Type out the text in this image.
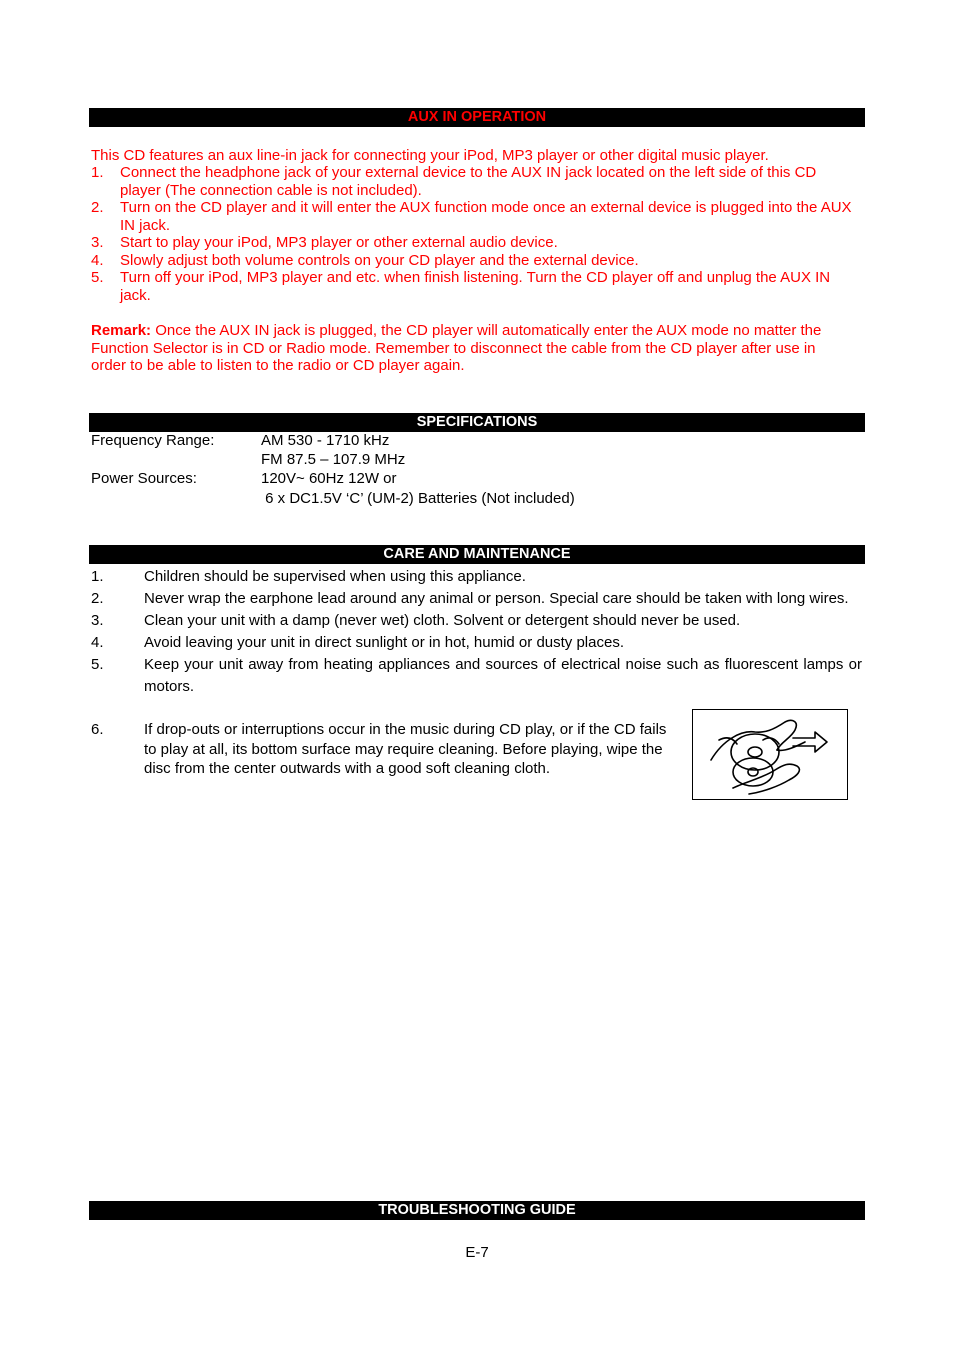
AUX IN OPERATION
This CD features an aux line-in jack for connecting your iPod, MP3 player or other digital music player.
1. Connect the headphone jack of your external device to the AUX IN jack located on the left side of this CD player (The connection cable is not included).
2. Turn on the CD player and it will enter the AUX function mode once an external device is plugged into the AUX IN jack.
3. Start to play your iPod, MP3 player or other external audio device.
4. Slowly adjust both volume controls on your CD player and the external device.
5. Turn off your iPod, MP3 player and etc. when finish listening. Turn the CD player off and unplug the AUX IN jack.
Remark: Once the AUX IN jack is plugged, the CD player will automatically enter the AUX mode no matter the Function Selector is in CD or Radio mode. Remember to disconnect the cable from the CD player after use in order to be able to listen to the radio or CD player again.
SPECIFICATIONS
Frequency Range:	AM 530 - 1710 kHz
FM 87.5 – 107.9 MHz
Power Sources:	120V~ 60Hz 12W or
6 x DC1.5V ‘C’ (UM-2) Batteries (Not included)
CARE AND MAINTENANCE
1.	Children should be supervised when using this appliance.
2.	Never wrap the earphone lead around any animal or person. Special care should be taken with long wires.
3.	Clean your unit with a damp (never wet) cloth. Solvent or detergent should never be used.
4.	Avoid leaving your unit in direct sunlight or in hot, humid or dusty places.
5.	Keep your unit away from heating appliances and sources of electrical noise such as fluorescent lamps or motors.
6.	If drop-outs or interruptions occur in the music during CD play, or if the CD fails to play at all, its bottom surface may require cleaning. Before playing, wipe the disc from the center outwards with a good soft cleaning cloth.
TROUBLESHOOTING GUIDE
E-7
